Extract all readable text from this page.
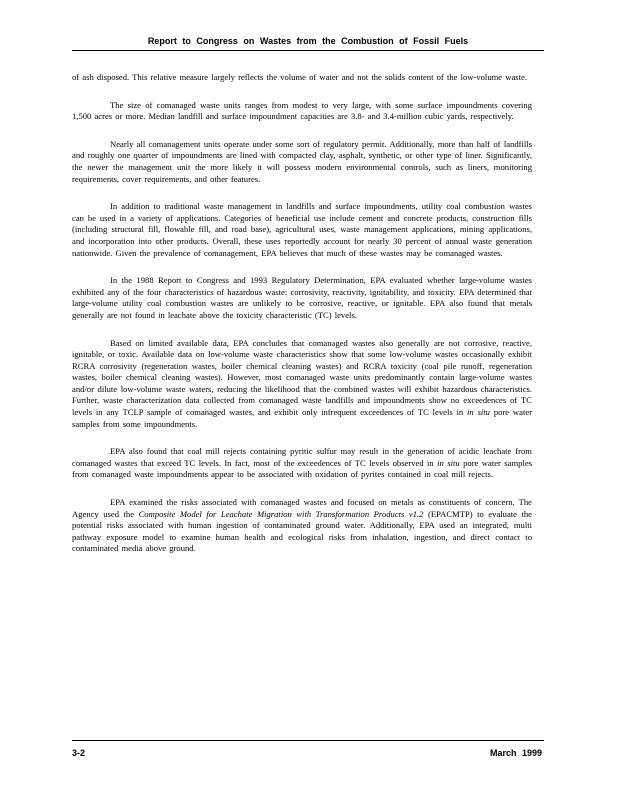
Report to Congress on Wastes from the Combustion of Fossil Fuels

of ash disposed. This relative measure largely reflects the volume of water and not the solids content of the low-volume waste.

The size of comanaged waste units ranges from modest to very large, with some surface impoundments covering 1,500 acres or more. Median landfill and surface impoundment capacities are 3.8- and 3.4-million cubic yards, respectively.

Nearly all comanagement units operate under some sort of regulatory permit. Additionally, more than half of landfills and roughly one quarter of impoundments are lined with compacted clay, asphalt, synthetic, or other type of liner. Significantly, the newer the management unit the more likely it will possess modern environmental controls, such as liners, monitoring requirements, cover requirements, and other features.

In addition to traditional waste management in landfills and surface impoundments, utility coal combustion wastes can be used in a variety of applications. Categories of beneficial use include cement and concrete products, construction fills (including structural fill, flowable fill, and road base), agricultural uses, waste management applications, mining applications, and incorporation into other products. Overall, these uses reportedly account for nearly 30 percent of annual waste generation nationwide. Given the prevalence of comanagement, EPA believes that much of these wastes may be comanaged wastes.

In the 1988 Report to Congress and 1993 Regulatory Determination, EPA evaluated whether large-volume wastes exhibited any of the four characteristics of hazardous waste: corrosivity, reactivity, ignitability, and toxicity. EPA determined that large-volume utility coal combustion wastes are unlikely to be corrosive, reactive, or ignitable. EPA also found that metals generally are not found in leachate above the toxicity characteristic (TC) levels.

Based on limited available data, EPA concludes that comanaged wastes also generally are not corrosive, reactive, ignitable, or toxic. Available data on low-volume waste characteristics show that some low-volume wastes occasionally exhibit RCRA corrosivity (regeneration wastes, boiler chemical cleaning wastes) and RCRA toxicity (coal pile runoff, regeneration wastes, boiler chemical cleaning wastes). However, most comanaged waste units predominantly contain large-volume wastes and/or dilute low-volume waste waters, reducing the likelihood that the combined wastes will exhibit hazardous characteristics. Further, waste characterization data collected from comanaged waste landfills and impoundments show no exceedences of TC levels in any TCLP sample of comanaged wastes, and exhibit only infrequent exceedences of TC levels in in situ pore water samples from some impoundments.

EPA also found that coal mill rejects containing pyritic sulfur may result in the generation of acidic leachate from comanaged wastes that exceed TC levels. In fact, most of the exceedences of TC levels observed in in situ pore water samples from comanaged waste impoundments appear to be associated with oxidation of pyrites contained in coal mill rejects.

EPA examined the risks associated with comanaged wastes and focused on metals as constituents of concern. The Agency used the Composite Model for Leachate Migration with Transformation Products v1.2 (EPACMTP) to evaluate the potential risks associated with human ingestion of contaminated ground water. Additionally, EPA used an integrated, multi pathway exposure model to examine human health and ecological risks from inhalation, ingestion, and direct contact to contaminated media above ground.

3-2	March 1999
